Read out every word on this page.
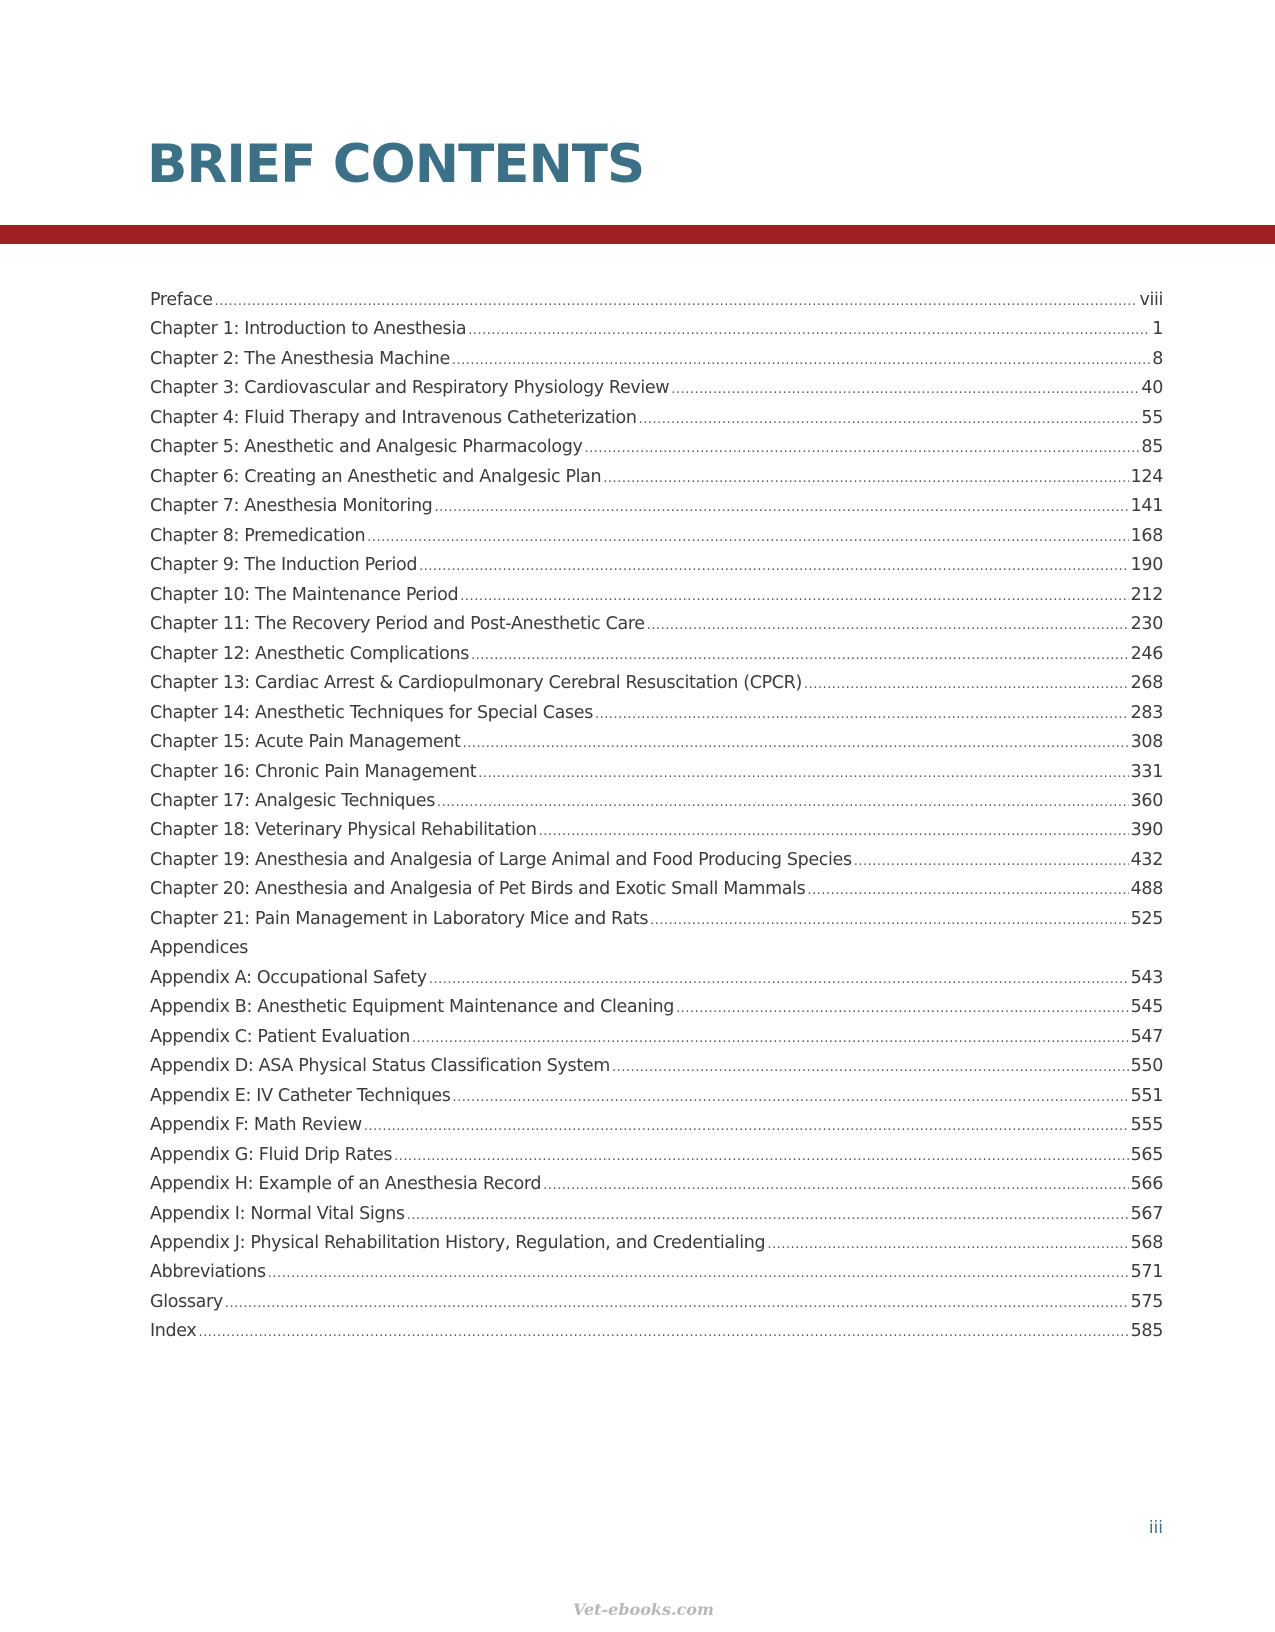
BRIEF CONTENTS
Preface .....	viii
Chapter 1: Introduction to Anesthesia .....	1
Chapter 2: The Anesthesia Machine .....	8
Chapter 3: Cardiovascular and Respiratory Physiology Review .....	40
Chapter 4: Fluid Therapy and Intravenous Catheterization .....	55
Chapter 5: Anesthetic and Analgesic Pharmacology .....	85
Chapter 6: Creating an Anesthetic and Analgesic Plan .....	124
Chapter 7: Anesthesia Monitoring .....	141
Chapter 8: Premedication .....	168
Chapter 9: The Induction Period .....	190
Chapter 10: The Maintenance Period .....	212
Chapter 11: The Recovery Period and Post-Anesthetic Care .....	230
Chapter 12: Anesthetic Complications .....	246
Chapter 13: Cardiac Arrest & Cardiopulmonary Cerebral Resuscitation (CPCR) .....	268
Chapter 14: Anesthetic Techniques for Special Cases .....	283
Chapter 15: Acute Pain Management .....	308
Chapter 16: Chronic Pain Management .....	331
Chapter 17: Analgesic Techniques .....	360
Chapter 18: Veterinary Physical Rehabilitation .....	390
Chapter 19: Anesthesia and Analgesia of Large Animal and Food Producing Species .....	432
Chapter 20: Anesthesia and Analgesia of Pet Birds and Exotic Small Mammals .....	488
Chapter 21: Pain Management in Laboratory Mice and Rats .....	525
Appendices
Appendix A: Occupational Safety .....	543
Appendix B: Anesthetic Equipment Maintenance and Cleaning .....	545
Appendix C: Patient Evaluation .....	547
Appendix D: ASA Physical Status Classification System .....	550
Appendix E: IV Catheter Techniques .....	551
Appendix F: Math Review .....	555
Appendix G: Fluid Drip Rates .....	565
Appendix H: Example of an Anesthesia Record .....	566
Appendix I: Normal Vital Signs .....	567
Appendix J: Physical Rehabilitation History, Regulation, and Credentialing .....	568
Abbreviations .....	571
Glossary .....	575
Index .....	585

iii

Vet-ebooks.com
